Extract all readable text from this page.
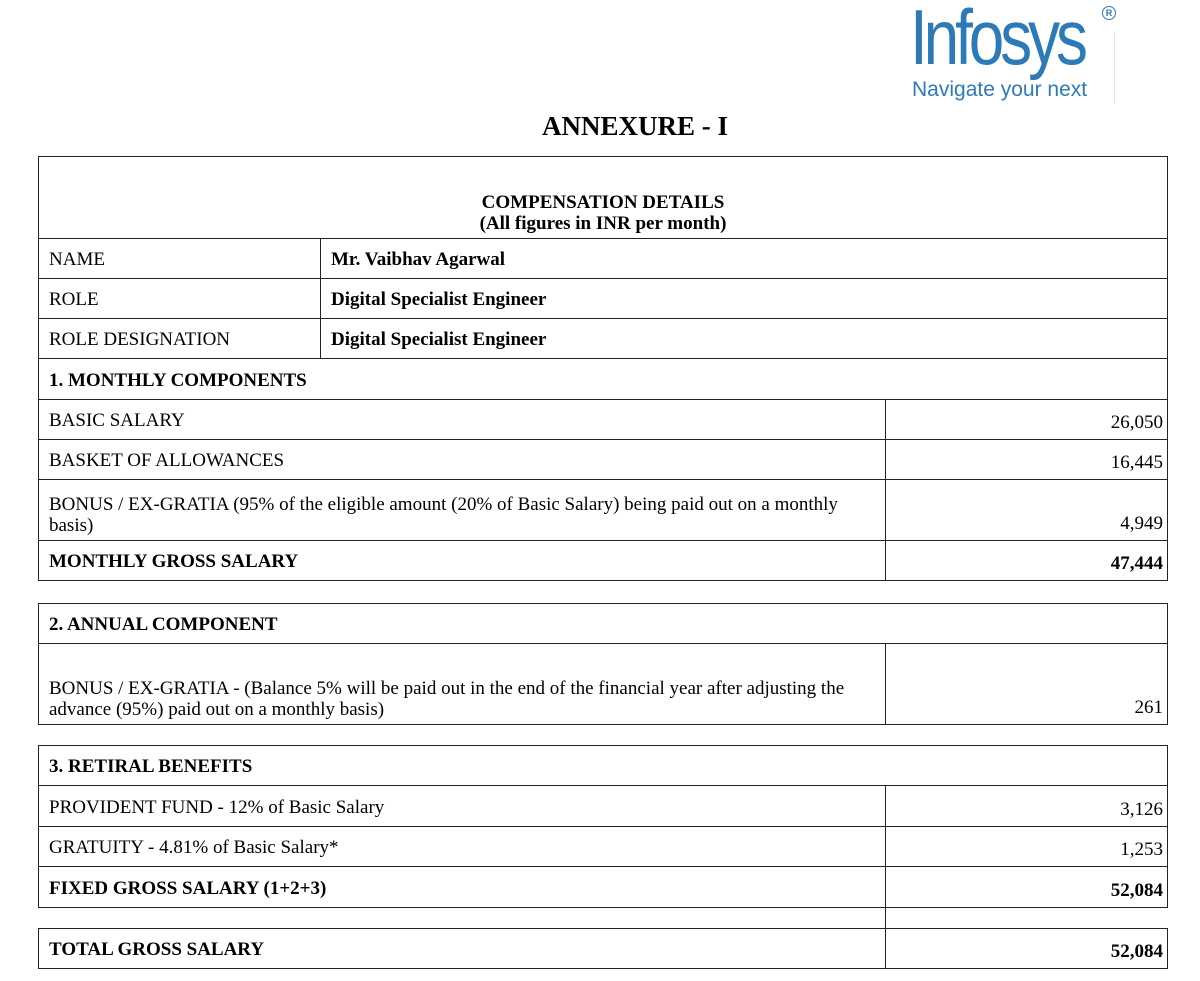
Infosys	R
Navigate your next
ANNEXURE - I
COMPENSATION DETAILS
(All figures in INR per month)		

NAME	Mr. Vaibhav Agarwal	
ROLE	Digital Specialist Engineer	
ROLE DESIGNATION	Digital Specialist Engineer	
1. MONTHLY COMPONENTS		
BASIC SALARY		26,050
BASKET OF ALLOWANCES		16,445
BONUS / EX-GRATIA (95% of the eligible amount (20% of Basic Salary) being paid out on a monthly basis)		4,949
MONTHLY GROSS SALARY		47,444
2. ANNUAL COMPONENT
BONUS / EX-GRATIA - (Balance 5% will be paid out in the end of the financial year after adjusting the advance (95%) paid out on a monthly basis)	261
3. RETIRAL BENEFITS	
PROVIDENT FUND - 12% of Basic Salary	3,126
GRATUITY - 4.81% of Basic Salary*	1,253
FIXED GROSS SALARY (1+2+3)	52,084

TOTAL GROSS SALARY	52,084
